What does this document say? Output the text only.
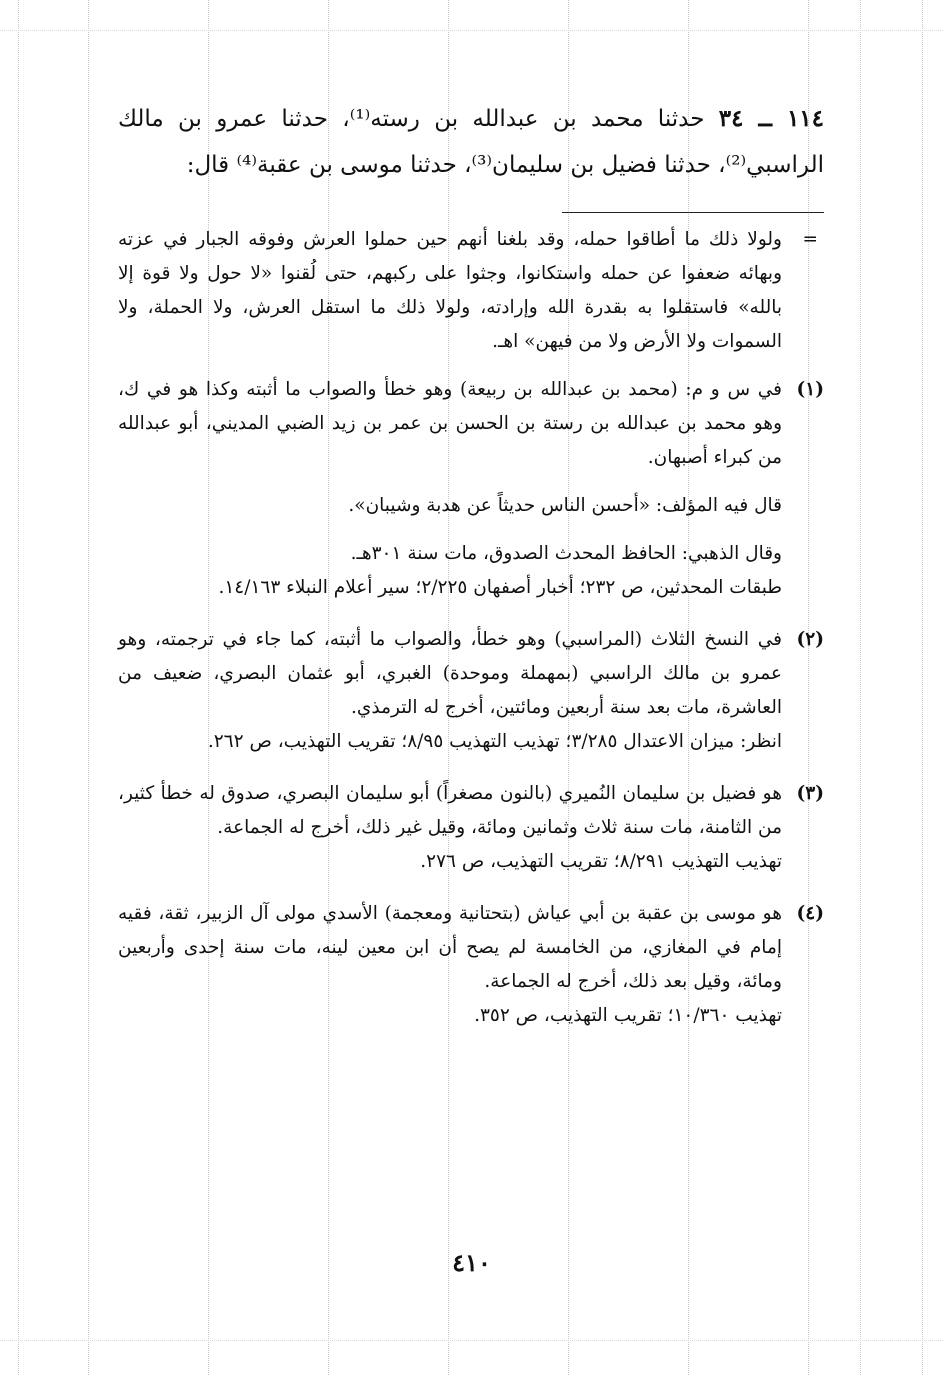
١١٤ ــ ٣٤ حدثنا محمد بن عبدالله بن رسته⁽¹⁾، حدثنا عمرو بن مالك الراسبي⁽²⁾، حدثنا فضيل بن سليمان⁽³⁾، حدثنا موسى بن عقبة⁽⁴⁾ قال:

=
ولولا ذلك ما أطاقوا حمله، وقد بلغنا أنهم حين حملوا العرش وفوقه الجبار في عزته وبهائه ضعفوا عن حمله واستكانوا، وجثوا على ركبهم، حتى لُقنوا «لا حول ولا قوة إلا بالله» فاستقلوا به بقدرة الله وإرادته، ولولا ذلك ما استقل العرش، ولا الحملة، ولا السموات ولا الأرض ولا من فيهن» اهـ.
(١)

في س و م: (محمد بن عبدالله بن ربيعة) وهو خطأ والصواب ما أثبته وكذا هو في ك، وهو محمد بن عبدالله بن رستة بن الحسن بن عمر بن زيد الضبي المديني، أبو عبدالله من كبراء أصبهان.

قال فيه المؤلف: «أحسن الناس حديثاً عن هدبة وشيبان».

وقال الذهبي: الحافظ المحدث الصدوق، مات سنة ٣٠١هـ.

طبقات المحدثين، ص ٢٣٢؛ أخبار أصفهان ٢/٢٢٥؛ سير أعلام النبلاء ١٤/١٦٣.

(٢)

في النسخ الثلاث (المراسبي) وهو خطأ، والصواب ما أثبته، كما جاء في ترجمته، وهو عمرو بن مالك الراسبي (بمهملة وموحدة) الغبري، أبو عثمان البصري، ضعيف من العاشرة، مات بعد سنة أربعين ومائتين، أخرج له الترمذي.

انظر: ميزان الاعتدال ٣/٢٨٥؛ تهذيب التهذيب ٨/٩٥؛ تقريب التهذيب، ص ٢٦٢.

(٣)

هو فضيل بن سليمان النُميري (بالنون مصغراً) أبو سليمان البصري، صدوق له خطأ كثير، من الثامنة، مات سنة ثلاث وثمانين ومائة، وقيل غير ذلك، أخرج له الجماعة.

تهذيب التهذيب ٨/٢٩١؛ تقريب التهذيب، ص ٢٧٦.

(٤)

هو موسى بن عقبة بن أبي عياش (بتحتانية ومعجمة) الأسدي مولى آل الزبير، ثقة، فقيه إمام في المغازي، من الخامسة لم يصح أن ابن معين لينه، مات سنة إحدى وأربعين ومائة، وقيل بعد ذلك، أخرج له الجماعة.

تهذيب ١٠/٣٦٠؛ تقريب التهذيب، ص ٣٥٢.

٤١٠
